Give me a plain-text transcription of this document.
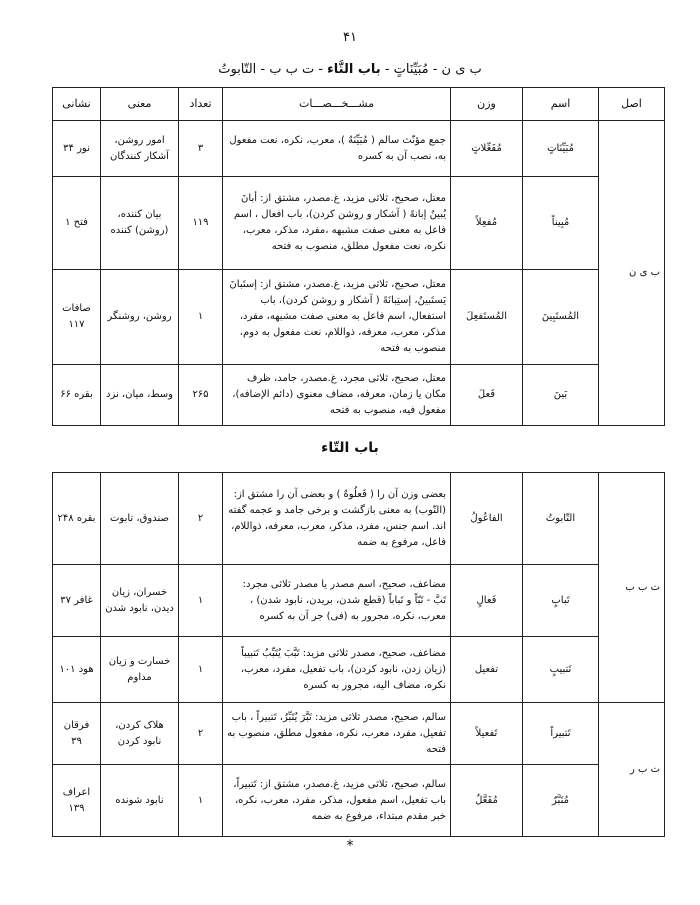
۴۱
ب ی ن - مُبَیِّنَاتٍ - باب التَّاء - ت ب ب - التّابوتُ
اصل	اسم	وزن	مشـــخـــصـــات	تعداد	معنی	نشانی
ب ی ن	مُبَیِّنَاتٍ	مُفَعِّلاتٍ	جمع مؤنّث سالم ( مُبَیِّنَهٌ )، معرب، نکره، نعت مفعول به، نصب آن به کسره	۳	امور روشن، آشکار کنندگان	نور ۳۴
	مُبِیناً	مُفعِلاً	معتل، صحیح، ثلاثی مزید، غ.مصدر، مشتق از: أبانَ یُبینُ إبانهً ( آشکار و روشن کردن)، باب افعال ، اسم فاعل به معنی صفت مشبهه ،مفرد، مذکر، معرب، نکره، نعت مفعول مطلق، منصوب به فتحه	۱۱۹	بیان کننده، (روشن) کننده	فتح ۱
	المُستَبِینَ	المُستَفعِلَ	معتل، صحیح، ثلاثی مزید، غ.مصدر، مشتق از: إستَبانَ یَستَبینُ، إستِبانَهً ( آشکار و روشن کردن)، باب استفعال، اسم فاعل به معنی صفت مشبهه، مفرد، مذکر، معرب، معرفه، ذواللام، نعت مفعول به دوم، منصوب به فتحه	۱	روشن، روشنگر	صافات ۱۱۷
	بَینَ	فَعلَ	معتل، صحیح، ثلاثی مجرد، غ.مصدر، جامد، ظرف مکان یا زمان، معرفه، مضاف معنوی (دائم الإضافه)، مفعول فیه، منصوب به فتحه	۲۶۵	وسط، میان، نزد	بقره ۶۶
باب التّاء
ت ب ب	التّابوتُ	الفاعُولُ	بعضی وزن آن را ( فَعلُوهٌ ) و بعضی آن را مشتق از: (التّوب) به معنی بازگشت و برخی جامد و عجمه گفته اند. اسم جنس، مفرد، مذکر، معرب، معرفه، ذواللام، فاعل، مرفوع به ضمه	۲	صندوق، تابوت	بقره ۲۴۸
	تَبابٍ	فَعالٍ	مضاعف، صحیح، اسم مصدر یا مصدر ثلاثی مجرد: تَبَّ - تَبّاً و تَباباً (قطع شدن، بریدن، نابود شدن) ، معرب، نکره، مجرور به (فی) جر آن به کسره	۱	خسران، زیان دیدن، نابود شدن	غافر ۳۷
	تَتبیبٍ	تفعیل	مضاعف، صحیح، مصدر ثلاثی مزید: تَبَّبَ یُتَبِّبُ تَتبیباً (زیان زدن، نابود کردن)، باب تفعیل، مفرد، معرب، نکره، مضاف الیه، مجرور به کسره	۱	خسارت و زیان مداوم	هود ۱۰۱
ت ب ر	تَتبیراً	تَفعیلاً	سالم، صحیح، مصدر ثلاثی مزید: تَبَّرَ یُتَبِّرُ، تَتبیراً ، باب تفعیل، مفرد، معرب، نکره، مفعول مطلق، منصوب به فتحه	۲	هلاک کردن، نابود کردن	فرقان ۳۹
	مُتَبَّرٌ	مُفَعَّلٌ	سالم، صحیح، ثلاثی مزید، غ.مصدر، مشتق از: تَتبیراً، باب تفعیل، اسم مفعول، مذکر، مفرد، معرب، نکره، خبر مقدم مبتداء، مرفوع به ضمه	۱	نابود شونده	اعراف ۱۳۹
*
